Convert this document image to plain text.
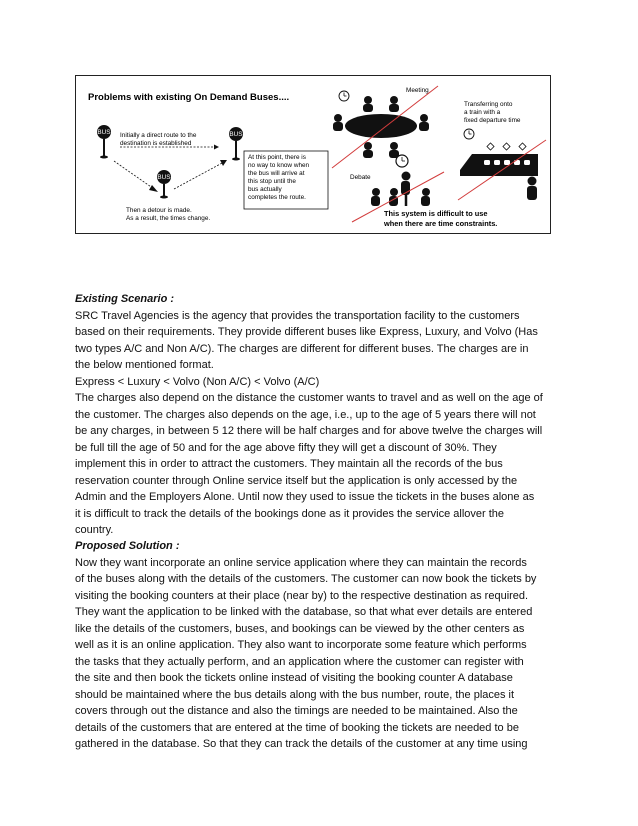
Problems with existing On Demand Buses....
BUS Initially a direct route to the
destination is established
BUS
BUS
Then a detour is made.
As a result, the times change.
At this point, there is
no way to know when
the bus will arrive at
this stop until the
bus actually
completes the route.
Meeting
Debate
Transferring onto
a train with a
fixed departure time
This system is difficult to use
when there are time constraints.
Existing Scenario :
SRC Travel Agencies is the agency that provides the transportation facility to the customers
based on their requirements. They provide different buses like Express, Luxury, and Volvo (Has
two types A/C and Non A/C). The charges are different for different buses. The charges are in
the below mentioned format.
Express < Luxury < Volvo (Non A/C) < Volvo (A/C)
The charges also depend on the distance the customer wants to travel and as well on the age of
the customer. The charges also depends on the age, i.e., up to the age of 5 years there will not
be any charges, in between 5 12 there will be half charges and for above twelve the charges will
be full till the age of 50 and for the age above fifty they will get a discount of 30%. They
implement this in order to attract the customers. They maintain all the records of the bus
reservation counter through Online service itself but the application is only accessed by the
Admin and the Employers Alone. Until now they used to issue the tickets in the buses alone as
it is difficult to track the details of the bookings done as it provides the service allover the
country.
Proposed Solution :
Now they want incorporate an online service application where they can maintain the records
of the buses along with the details of the customers. The customer can now book the tickets by
visiting the booking counters at their place (near by) to the respective destination as required.
They want the application to be linked with the database, so that what ever details are entered
like the details of the customers, buses, and bookings can be viewed by the other centers as
well as it is an online application. They also want to incorporate some feature which performs
the tasks that they actually perform, and an application where the customer can register with
the site and then book the tickets online instead of visiting the booking counter A database
should be maintained where the bus details along with the bus number, route, the places it
covers through out the distance and also the timings are needed to be maintained. Also the
details of the customers that are entered at the time of booking the tickets are needed to be
gathered in the database. So that they can track the details of the customer at any time using
